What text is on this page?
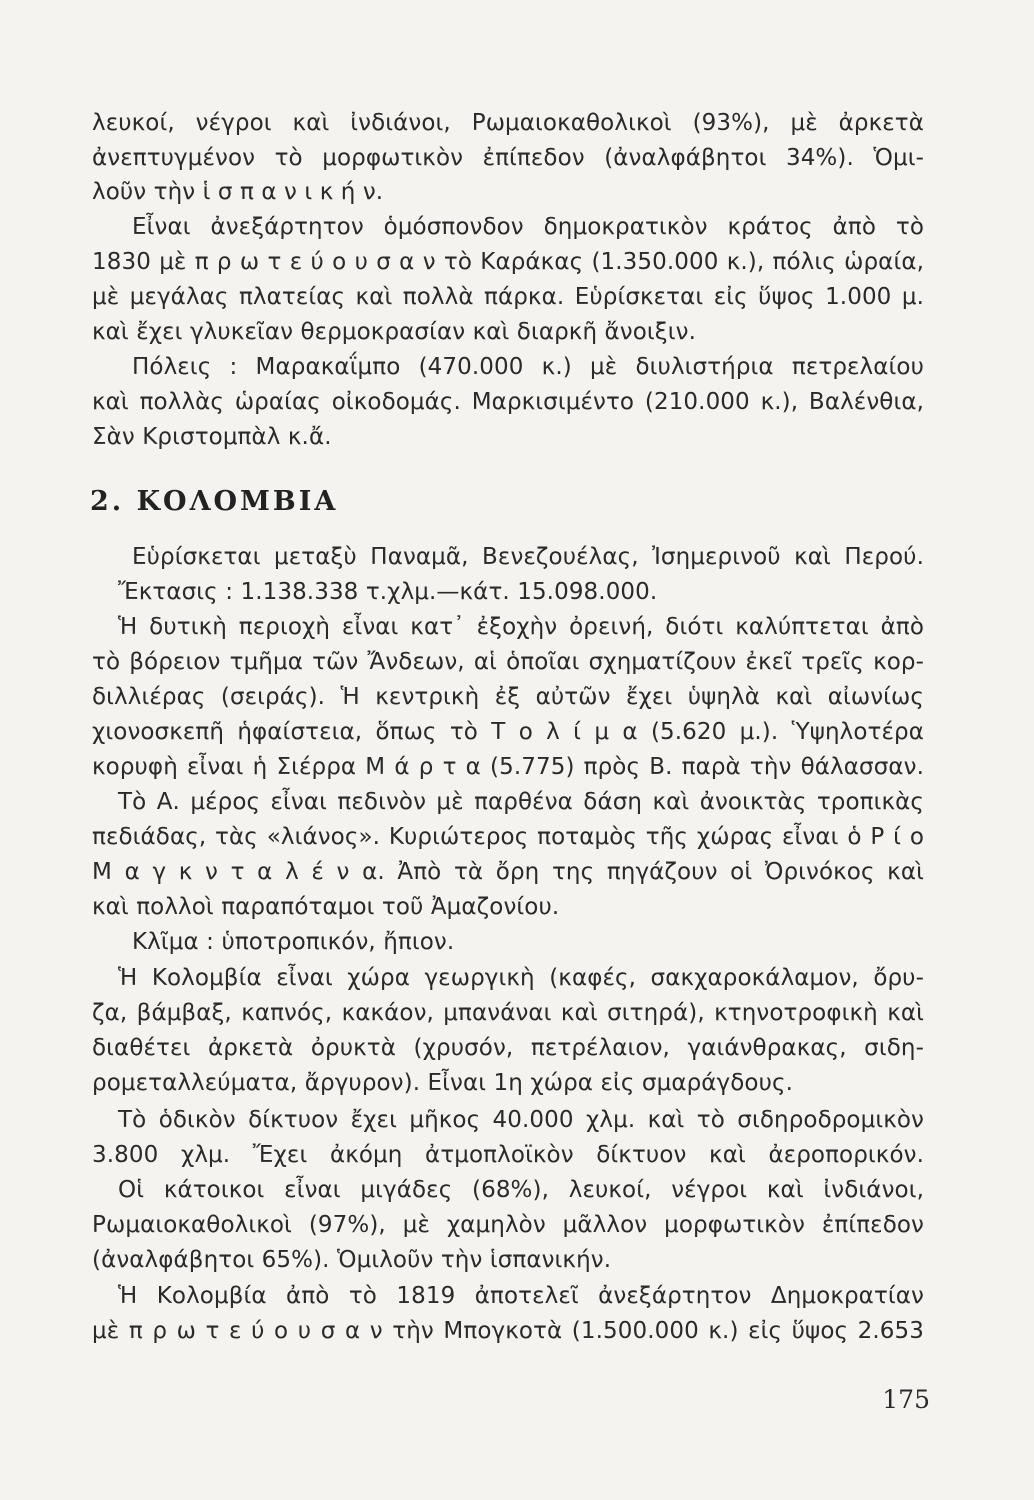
λευκοί, νέγροι καὶ ἰνδιάνοι, Ρωμαιοκαθολικοὶ (93%), μὲ ἀρκετὰ
ἀνεπτυγμένον τὸ μορφωτικὸν ἐπίπεδον (ἀναλφάβητοι 34%). Ὁμι-
λοῦν τὴν ἱ σ π α ν ι κ ή ν.
Εἶναι ἀνεξάρτητον ὁμόσπονδον δημοκρατικὸν κράτος ἀπὸ τὸ
1830 μὲ π ρ ω τ ε ύ ο υ σ α ν τὸ Καράκας (1.350.000 κ.), πόλις ὡραία,
μὲ μεγάλας πλατείας καὶ πολλὰ πάρκα. Εὑρίσκεται εἰς ὕψος 1.000 μ.
καὶ ἔχει γλυκεῖαν θερμοκρασίαν καὶ διαρκῆ ἄνοιξιν.
Πόλεις : Μαρακαΐμπο (470.000 κ.) μὲ διυλιστήρια πετρελαίου
καὶ πολλὰς ὡραίας οἰκοδομάς. Μαρκισιμέντο (210.000 κ.), Βαλένθια,
Σὰν Κριστομπὰλ κ.ἄ.
2. ΚΟΛΟΜΒΙΑ
Εὑρίσκεται μεταξὺ Παναμᾶ, Βενεζουέλας, Ἰσημερινοῦ καὶ Περού.
Ἔκτασις : 1.138.338 τ.χλμ.—κάτ. 15.098.000.
Ἡ δυτικὴ περιοχὴ εἶναι κατ᾽ ἐξοχὴν ὀρεινή, διότι καλύπτεται ἀπὸ
τὸ βόρειον τμῆμα τῶν Ἄνδεων, αἱ ὁποῖαι σχηματίζουν ἐκεῖ τρεῖς κορ-
διλλιέρας (σειράς). Ἡ κεντρικὴ ἐξ αὐτῶν ἔχει ὑψηλὰ καὶ αἰωνίως
χιονοσκεπῆ ἡφαίστεια, ὅπως τὸ Τ ο λ ί μ α (5.620 μ.). Ὑψηλοτέρα
κορυφὴ εἶναι ἡ Σιέρρα Μ ά ρ τ α (5.775) πρὸς Β. παρὰ τὴν θάλασσαν.
Τὸ Α. μέρος εἶναι πεδινὸν μὲ παρθένα δάση καὶ ἀνοικτὰς τροπικὰς
πεδιάδας, τὰς «λιάνος». Κυριώτερος ποταμὸς τῆς χώρας εἶναι ὁ Ρ ί ο
Μ α γ κ ν τ α λ έ ν α. Ἀπὸ τὰ ὄρη της πηγάζουν οἱ Ὀρινόκος καὶ
καὶ πολλοὶ παραπόταμοι τοῦ Ἀμαζονίου.
Κλῖμα : ὑποτροπικόν, ἤπιον.
Ἡ Κολομβία εἶναι χώρα γεωργικὴ (καφές, σακχαροκάλαμον, ὄρυ-
ζα, βάμβαξ, καπνός, κακάον, μπανάναι καὶ σιτηρά), κτηνοτροφικὴ καὶ
διαθέτει ἀρκετὰ ὀρυκτὰ (χρυσόν, πετρέλαιον, γαιάνθρακας, σιδη-
ρομεταλλεύματα, ἄργυρον). Εἶναι 1η χώρα εἰς σμαράγδους.
Τὸ ὁδικὸν δίκτυον ἔχει μῆκος 40.000 χλμ. καὶ τὸ σιδηροδρομικὸν
3.800 χλμ. Ἔχει ἀκόμη ἀτμοπλοϊκὸν δίκτυον καὶ ἀεροπορικόν.
Οἱ κάτοικοι εἶναι μιγάδες (68%), λευκοί, νέγροι καὶ ἰνδιάνοι,
Ρωμαιοκαθολικοὶ (97%), μὲ χαμηλὸν μᾶλλον μορφωτικὸν ἐπίπεδον
(ἀναλφάβητοι 65%). Ὁμιλοῦν τὴν ἱσπανικήν.
Ἡ Κολομβία ἀπὸ τὸ 1819 ἀποτελεῖ ἀνεξάρτητον Δημοκρατίαν
μὲ π ρ ω τ ε ύ ο υ σ α ν τὴν Μπογκοτὰ (1.500.000 κ.) εἰς ὕψος 2.653
175
